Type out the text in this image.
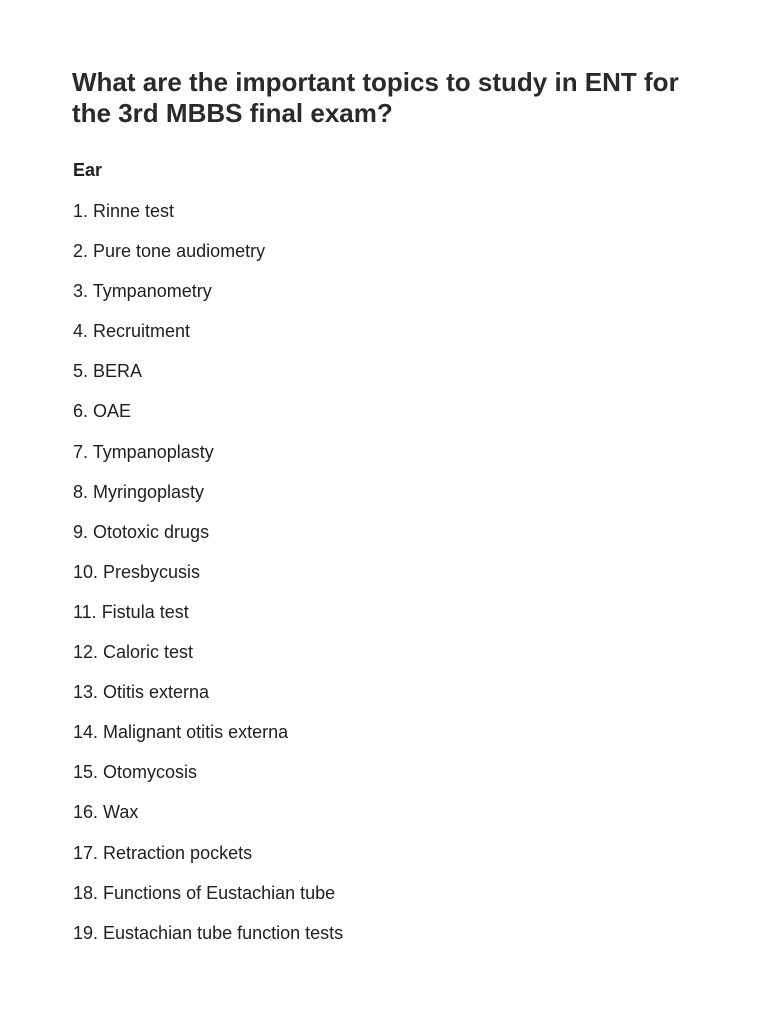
What are the important topics to study in ENT for the 3rd MBBS final exam?
Ear
1. Rinne test
2. Pure tone audiometry
3. Tympanometry
4. Recruitment
5. BERA
6. OAE
7. Tympanoplasty
8. Myringoplasty
9. Ototoxic drugs
10. Presbycusis
11. Fistula test
12. Caloric test
13. Otitis externa
14. Malignant otitis externa
15. Otomycosis
16. Wax
17. Retraction pockets
18. Functions of Eustachian tube
19. Eustachian tube function tests
